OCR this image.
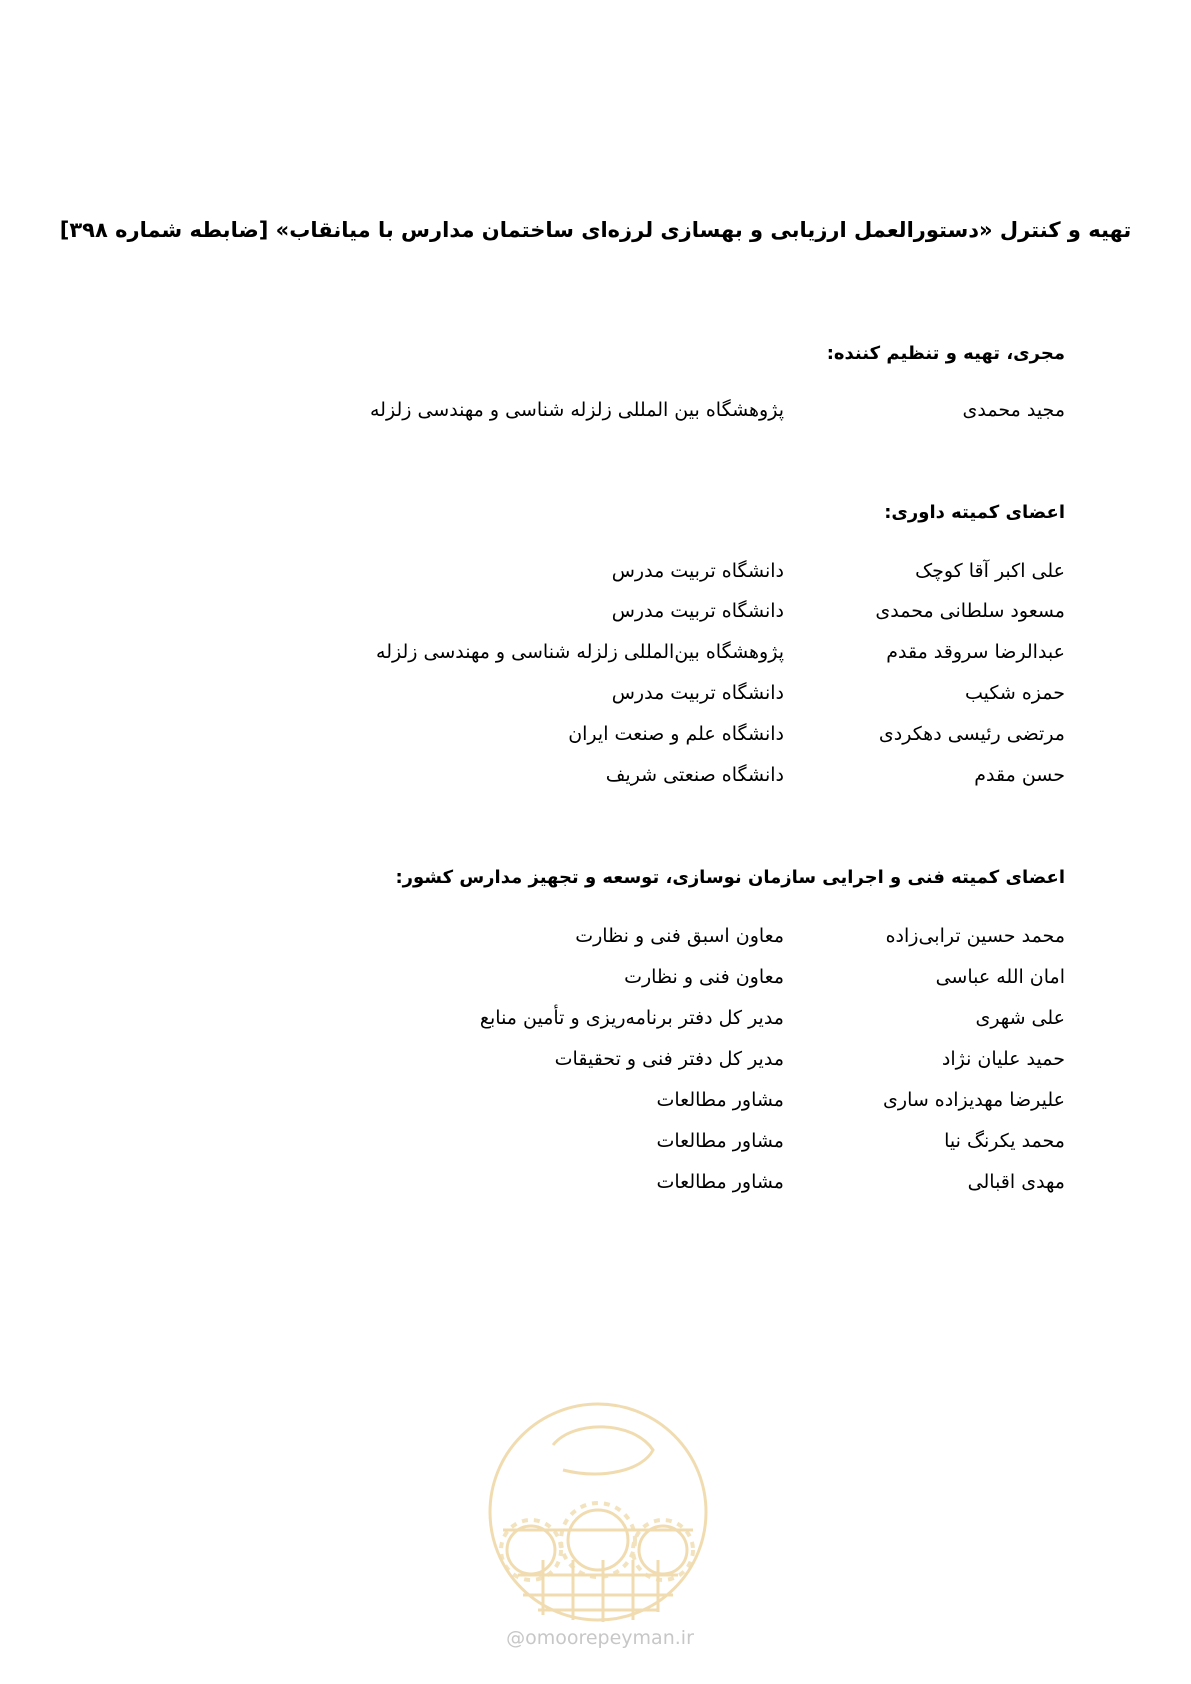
تهیه و کنترل «دستورالعمل ارزیابی و بهسازی لرزه‌ای ساختمان مدارس با میانقاب» [ضابطه شماره ۳۹۸]
مجری، تهیه و تنظیم کننده:
مجید محمدی
پژوهشگاه بین المللی زلزله شناسی و مهندسی زلزله
اعضای کمیته داوری:
علی اکبر آقا کوچک
دانشگاه تربیت مدرس
مسعود سلطانی محمدی
دانشگاه تربیت مدرس
عبدالرضا سروقد مقدم
پژوهشگاه بین‌المللی زلزله شناسی و مهندسی زلزله
حمزه شکیب
دانشگاه تربیت مدرس
مرتضی رئیسی دهکردی
دانشگاه علم و صنعت ایران
حسن مقدم
دانشگاه صنعتی شریف
اعضای کمیته فنی و اجرایی سازمان نوسازی، توسعه و تجهیز مدارس کشور:
محمد حسین ترابی‌زاده
معاون اسبق فنی و نظارت
امان الله عباسی
معاون فنی و نظارت
علی شهری
مدیر کل دفتر برنامه‌ریزی و تأمین منابع
حمید علیان نژاد
مدیر کل دفتر فنی و تحقیقات
علیرضا مهدیزاده ساری
مشاور مطالعات
محمد یکرنگ نیا
مشاور مطالعات
مهدی اقبالی
مشاور مطالعات
@omoorepeyman.ir
